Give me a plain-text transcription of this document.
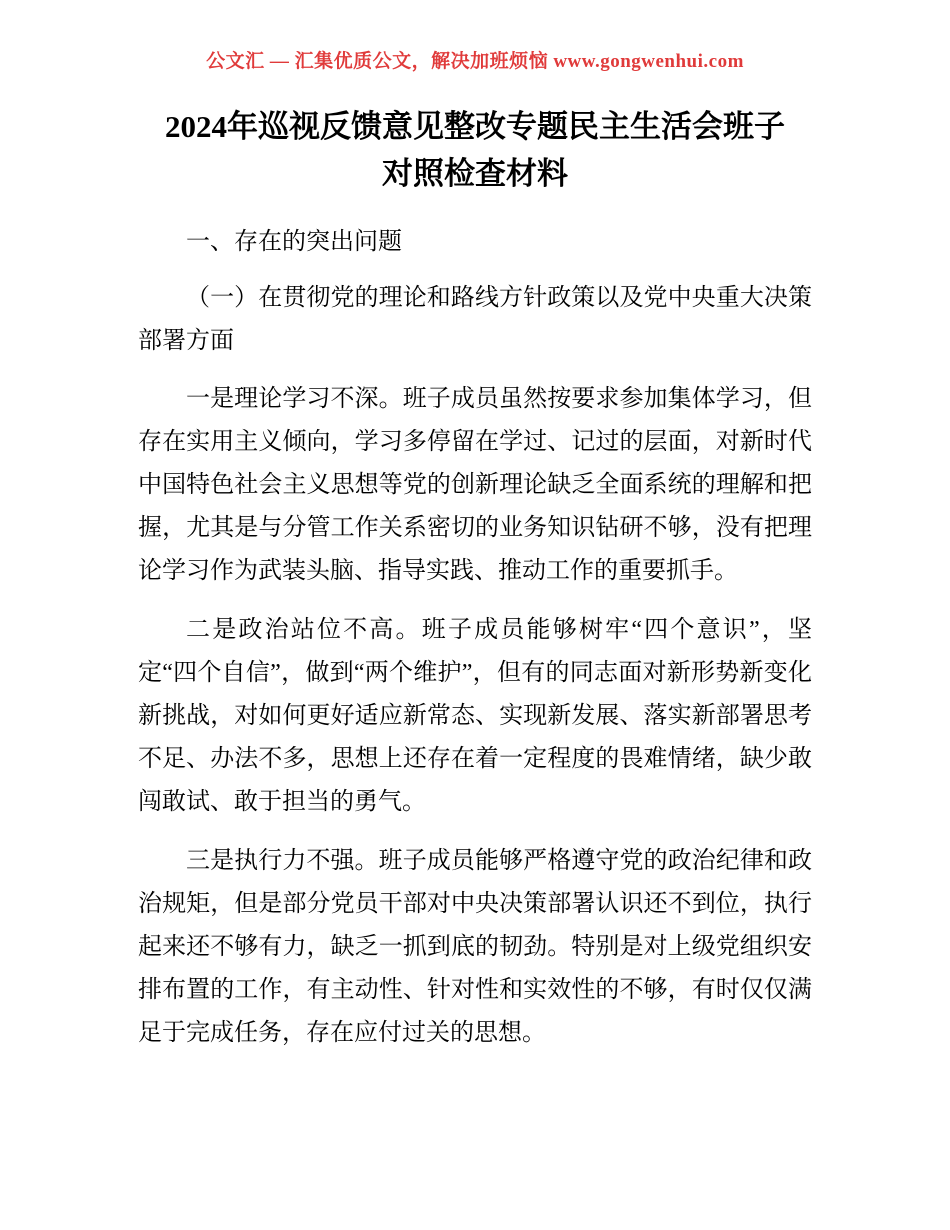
公文汇 — 汇集优质公文，解决加班烦恼 www.gongwenhui.com
2024年巡视反馈意见整改专题民主生活会班子对照检查材料

一、存在的突出问题

（一）在贯彻党的理论和路线方针政策以及党中央重大决策部署方面

一是理论学习不深。班子成员虽然按要求参加集体学习，但存在实用主义倾向，学习多停留在学过、记过的层面，对新时代中国特色社会主义思想等党的创新理论缺乏全面系统的理解和把握，尤其是与分管工作关系密切的业务知识钻研不够，没有把理论学习作为武装头脑、指导实践、推动工作的重要抓手。

二是政治站位不高。班子成员能够树牢“四个意识”，坚定“四个自信”，做到“两个维护”，但有的同志面对新形势新变化新挑战，对如何更好适应新常态、实现新发展、落实新部署思考不足、办法不多，思想上还存在着一定程度的畏难情绪，缺少敢闯敢试、敢于担当的勇气。

三是执行力不强。班子成员能够严格遵守党的政治纪律和政治规矩，但是部分党员干部对中央决策部署认识还不到位，执行起来还不够有力，缺乏一抓到底的韧劲。特别是对上级党组织安排布置的工作，有主动性、针对性和实效性的不够，有时仅仅满足于完成任务，存在应付过关的思想。
